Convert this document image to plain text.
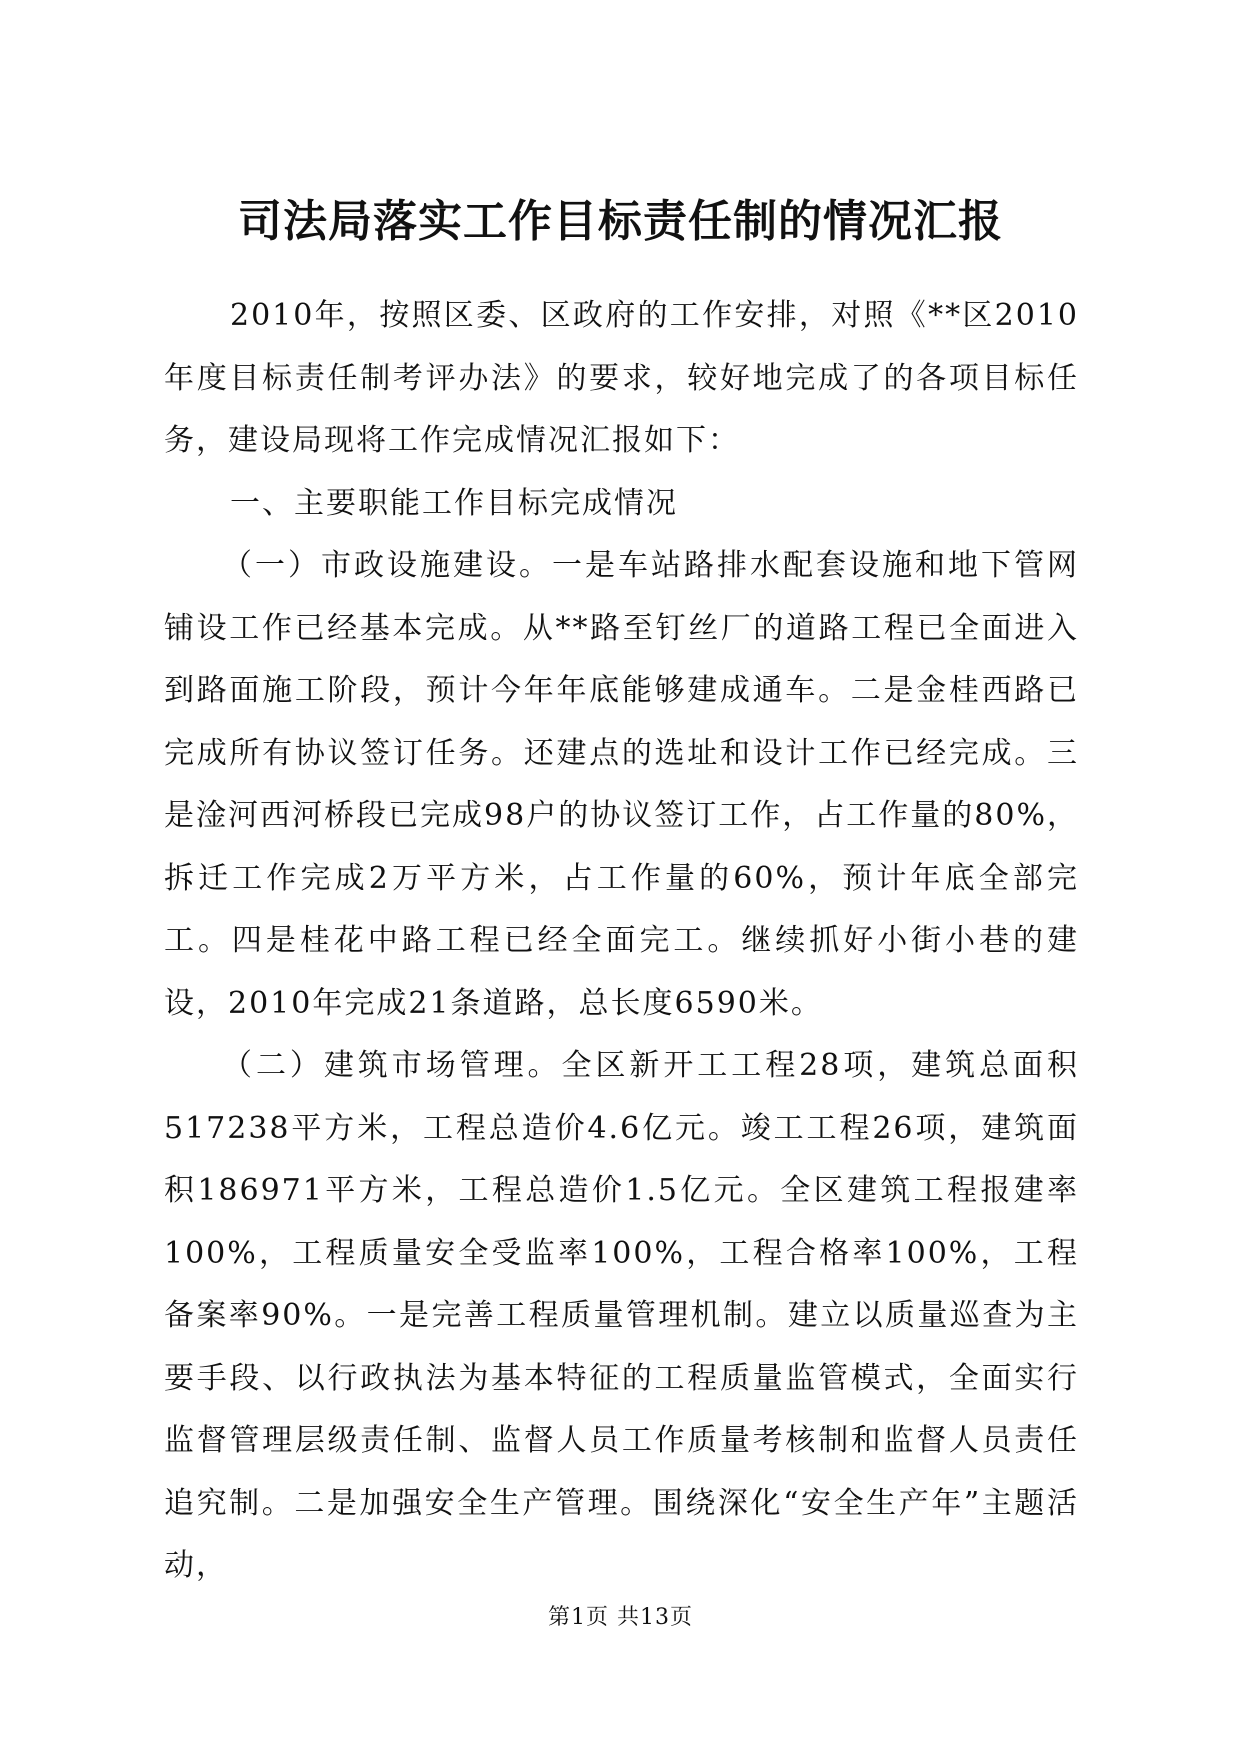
司法局落实工作目标责任制的情况汇报

2010年，按照区委、区政府的工作安排，对照《**区2010年度目标责任制考评办法》的要求，较好地完成了的各项目标任务，建设局现将工作完成情况汇报如下：

一、主要职能工作目标完成情况

（一）市政设施建设。一是车站路排水配套设施和地下管网铺设工作已经基本完成。从**路至钉丝厂的道路工程已全面进入到路面施工阶段，预计今年年底能够建成通车。二是金桂西路已完成所有协议签订任务。还建点的选址和设计工作已经完成。三是淦河西河桥段已完成98户的协议签订工作，占工作量的80%，拆迁工作完成2万平方米，占工作量的60%，预计年底全部完工。四是桂花中路工程已经全面完工。继续抓好小街小巷的建设，2010年完成21条道路，总长度6590米。

（二）建筑市场管理。全区新开工工程28项，建筑总面积517238平方米，工程总造价4.6亿元。竣工工程26项，建筑面积186971平方米，工程总造价1.5亿元。全区建筑工程报建率100%，工程质量安全受监率100%，工程合格率100%，工程备案率90%。一是完善工程质量管理机制。建立以质量巡查为主要手段、以行政执法为基本特征的工程质量监管模式，全面实行监督管理层级责任制、监督人员工作质量考核制和监督人员责任追究制。二是加强安全生产管理。围绕深化“安全生产年”主题活动，

第1页 共13页
